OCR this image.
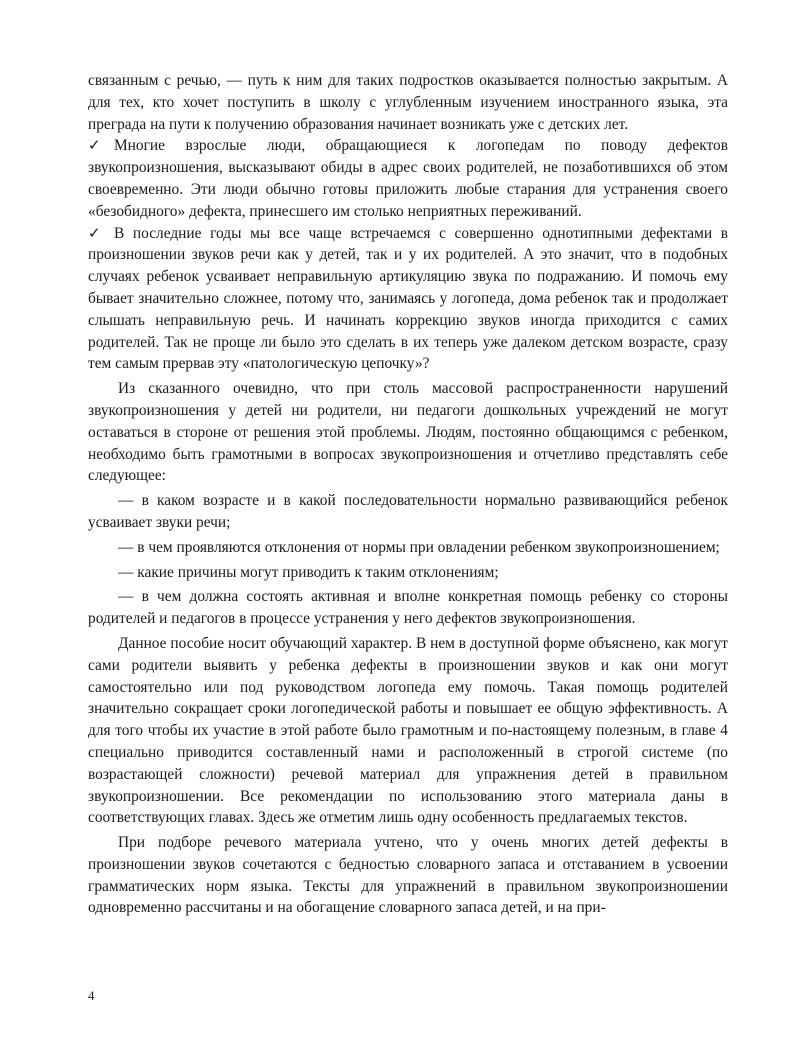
связанным с речью, — путь к ним для таких подростков оказывается полностью закрытым. А для тех, кто хочет поступить в школу с углубленным изучением иностранного языка, эта преграда на пути к получению образования начинает возникать уже с детских лет.

✓ Многие взрослые люди, обращающиеся к логопедам по поводу дефектов звукопроизношения, высказывают обиды в адрес своих родителей, не позаботившихся об этом своевременно. Эти люди обычно готовы приложить любые старания для устранения своего «безобидного» дефекта, принесшего им столько неприятных переживаний.

✓ В последние годы мы все чаще встречаемся с совершенно однотипными дефектами в произношении звуков речи как у детей, так и у их родителей. А это значит, что в подобных случаях ребенок усваивает неправильную артикуляцию звука по подражанию. И помочь ему бывает значительно сложнее, потому что, занимаясь у логопеда, дома ребенок так и продолжает слышать неправильную речь. И начинать коррекцию звуков иногда приходится с самих родителей. Так не проще ли было это сделать в их теперь уже далеком детском возрасте, сразу тем самым прервав эту «патологическую цепочку»?

Из сказанного очевидно, что при столь массовой распространенности нарушений звукопроизношения у детей ни родители, ни педагоги дошкольных учреждений не могут оставаться в стороне от решения этой проблемы. Людям, постоянно общающимся с ребенком, необходимо быть грамотными в вопросах звукопроизношения и отчетливо представлять себе следующее:

— в каком возрасте и в какой последовательности нормально развивающийся ребенок усваивает звуки речи;

— в чем проявляются отклонения от нормы при овладении ребенком звукопроизношением;

— какие причины могут приводить к таким отклонениям;

— в чем должна состоять активная и вполне конкретная помощь ребенку со стороны родителей и педагогов в процессе устранения у него дефектов звукопроизношения.

Данное пособие носит обучающий характер. В нем в доступной форме объяснено, как могут сами родители выявить у ребенка дефекты в произношении звуков и как они могут самостоятельно или под руководством логопеда ему помочь. Такая помощь родителей значительно сокращает сроки логопедической работы и повышает ее общую эффективность. А для того чтобы их участие в этой работе было грамотным и по-настоящему полезным, в главе 4 специально приводится составленный нами и расположенный в строгой системе (по возрастающей сложности) речевой материал для упражнения детей в правильном звукопроизношении. Все рекомендации по использованию этого материала даны в соответствующих главах. Здесь же отметим лишь одну особенность предлагаемых текстов.

При подборе речевого материала учтено, что у очень многих детей дефекты в произношении звуков сочетаются с бедностью словарного запаса и отставанием в усвоении грамматических норм языка. Тексты для упражнений в правильном звукопроизношении одновременно рассчитаны и на обогащение словарного запаса детей, и на при-

4
